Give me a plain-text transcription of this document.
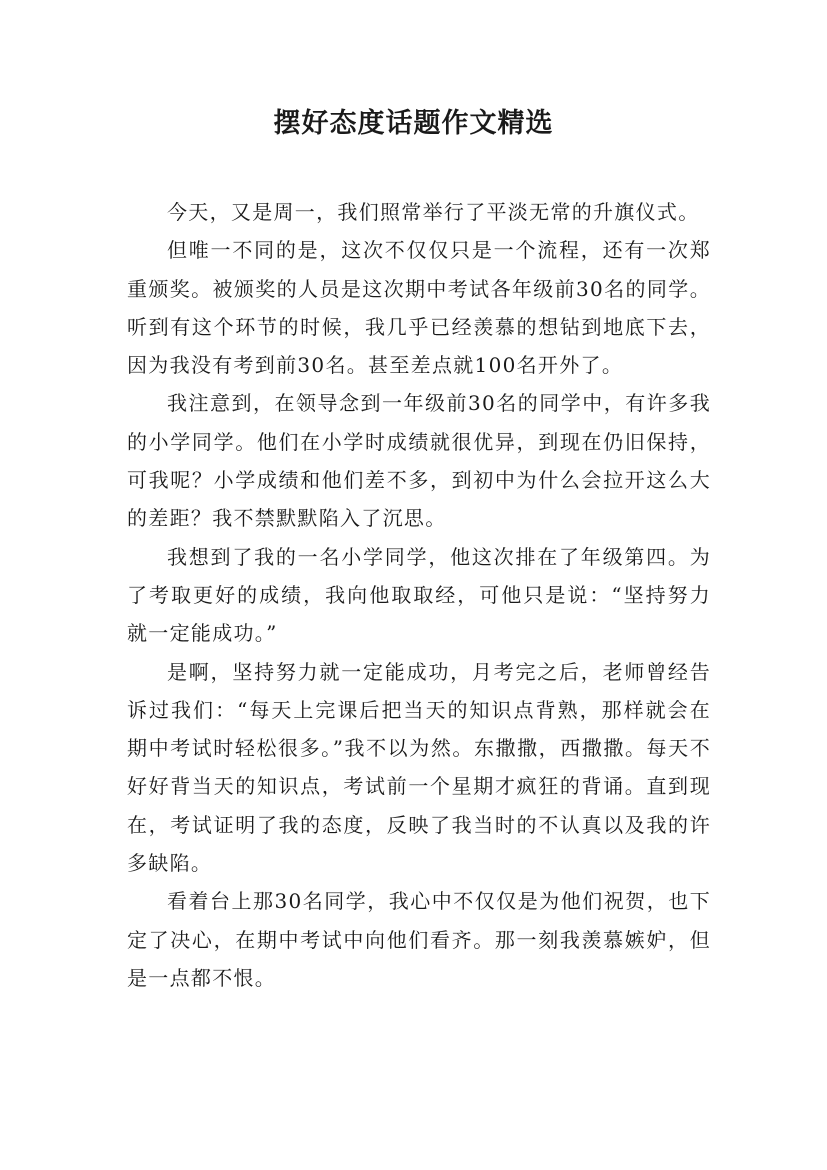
摆好态度话题作文精选

今天，又是周一，我们照常举行了平淡无常的升旗仪式。

但唯一不同的是，这次不仅仅只是一个流程，还有一次郑重颁奖。被颁奖的人员是这次期中考试各年级前30名的同学。听到有这个环节的时候，我几乎已经羡慕的想钻到地底下去，因为我没有考到前30名。甚至差点就100名开外了。

我注意到，在领导念到一年级前30名的同学中，有许多我的小学同学。他们在小学时成绩就很优异，到现在仍旧保持，可我呢？小学成绩和他们差不多，到初中为什么会拉开这么大的差距？我不禁默默陷入了沉思。

我想到了我的一名小学同学，他这次排在了年级第四。为了考取更好的成绩，我向他取取经，可他只是说：“坚持努力就一定能成功。”

是啊，坚持努力就一定能成功，月考完之后，老师曾经告诉过我们：“每天上完课后把当天的知识点背熟，那样就会在期中考试时轻松很多。”我不以为然。东撒撒，西撒撒。每天不好好背当天的知识点，考试前一个星期才疯狂的背诵。直到现在，考试证明了我的态度，反映了我当时的不认真以及我的许多缺陷。

看着台上那30名同学，我心中不仅仅是为他们祝贺，也下定了决心，在期中考试中向他们看齐。那一刻我羡慕嫉妒，但是一点都不恨。
